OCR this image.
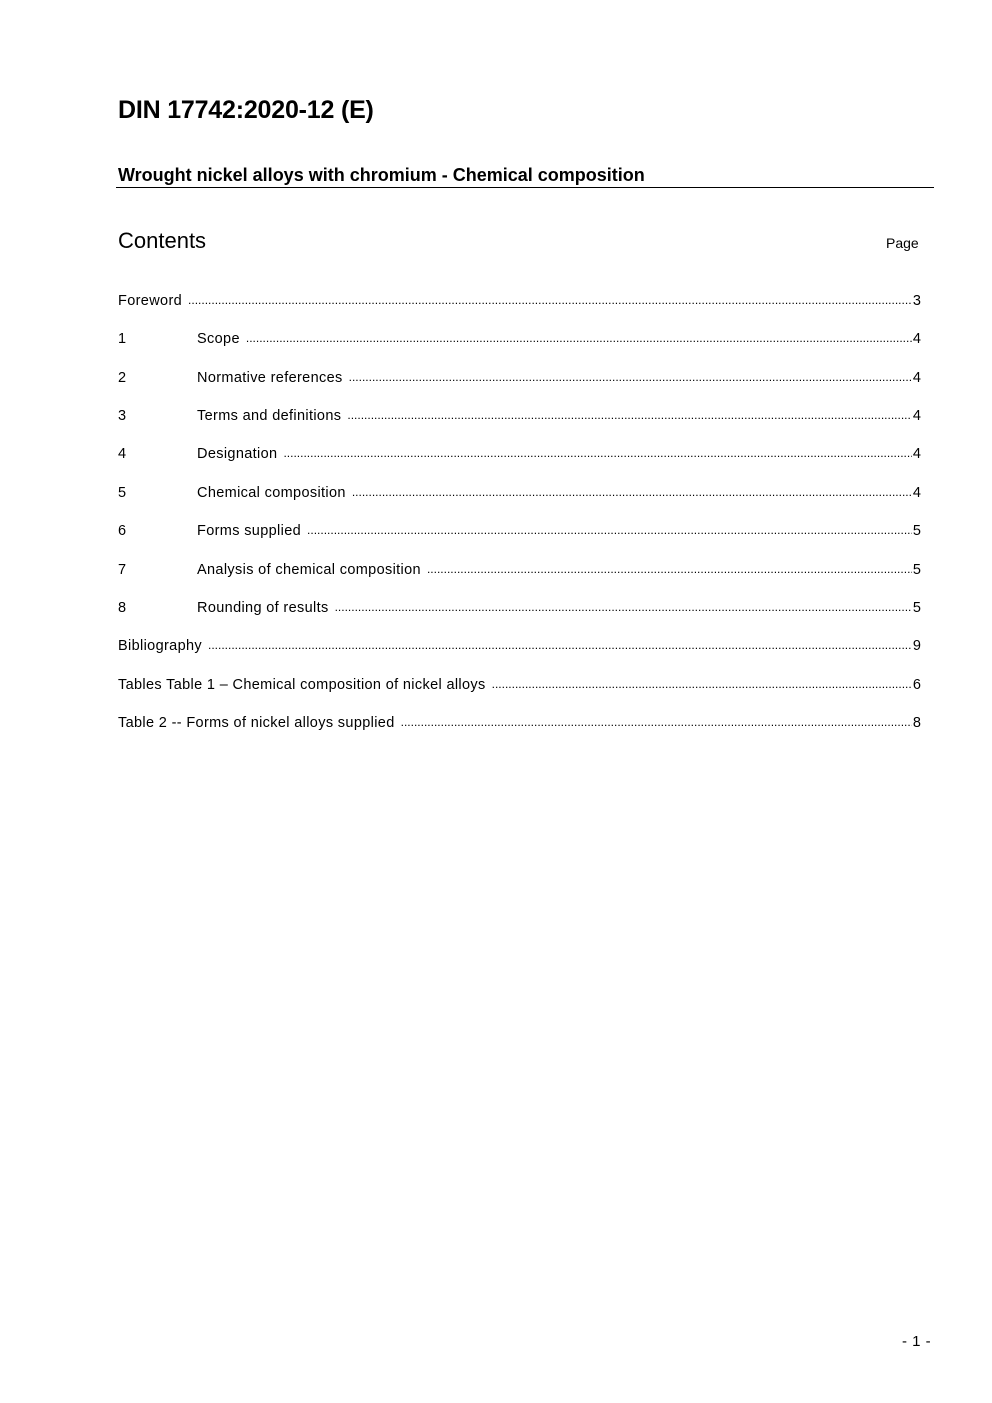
DIN 17742:2020-12 (E)
Wrought nickel alloys with chromium - Chemical composition
Contents	Page
Foreword .....	3
1	Scope .....	4
2	Normative references .....	4
3	Terms and definitions .....	4
4	Designation .....	4
5	Chemical composition .....	4
6	Forms supplied .....	5
7	Analysis of chemical composition .....	5
8	Rounding of results .....	5
Bibliography .....	9
Tables Table 1 – Chemical composition of nickel alloys .....	6
Table 2 -- Forms of nickel alloys supplied .....	8
- 1 -
